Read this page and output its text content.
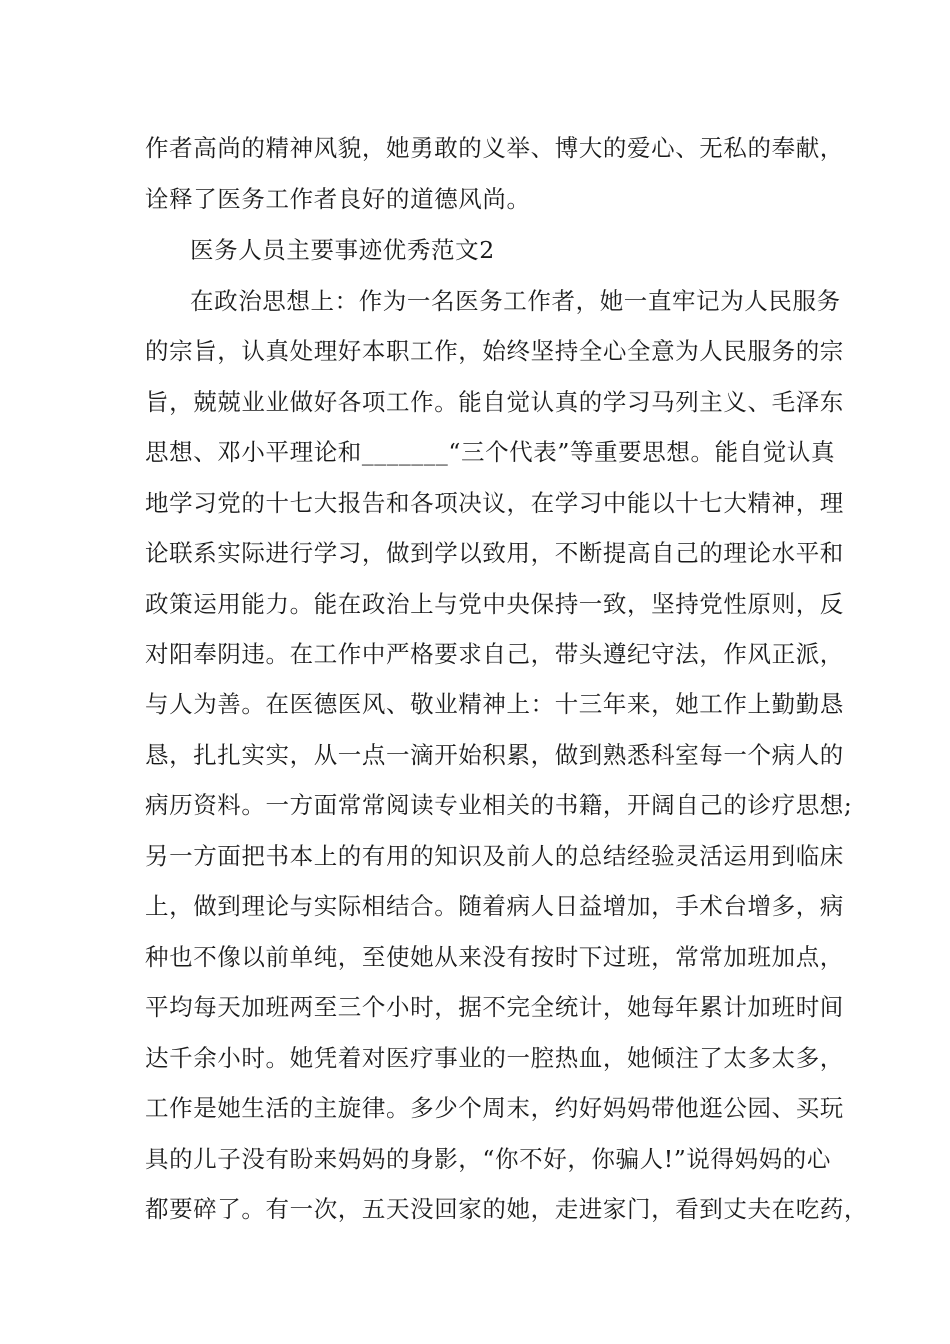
作者高尚的精神风貌，她勇敢的义举、博大的爱心、无私的奉献，
诠释了医务工作者良好的道德风尚。
医务人员主要事迹优秀范文2
在政治思想上：作为一名医务工作者，她一直牢记为人民服务
的宗旨，认真处理好本职工作，始终坚持全心全意为人民服务的宗
旨，兢兢业业做好各项工作。能自觉认真的学习马列主义、毛泽东
思想、邓小平理论和_______“三个代表”等重要思想。能自觉认真
地学习党的十七大报告和各项决议，在学习中能以十七大精神，理
论联系实际进行学习，做到学以致用，不断提高自己的理论水平和
政策运用能力。能在政治上与党中央保持一致，坚持党性原则，反
对阳奉阴违。在工作中严格要求自己，带头遵纪守法，作风正派，
与人为善。在医德医风、敬业精神上：十三年来，她工作上勤勤恳
恳，扎扎实实，从一点一滴开始积累，做到熟悉科室每一个病人的
病历资料。一方面常常阅读专业相关的书籍，开阔自己的诊疗思想;
另一方面把书本上的有用的知识及前人的总结经验灵活运用到临床
上，做到理论与实际相结合。随着病人日益增加，手术台增多，病
种也不像以前单纯，至使她从来没有按时下过班，常常加班加点，
平均每天加班两至三个小时，据不完全统计，她每年累计加班时间
达千余小时。她凭着对医疗事业的一腔热血，她倾注了太多太多，
工作是她生活的主旋律。多少个周末，约好妈妈带他逛公园、买玩
具的儿子没有盼来妈妈的身影，“你不好，你骗人!”说得妈妈的心
都要碎了。有一次，五天没回家的她，走进家门，看到丈夫在吃药，
